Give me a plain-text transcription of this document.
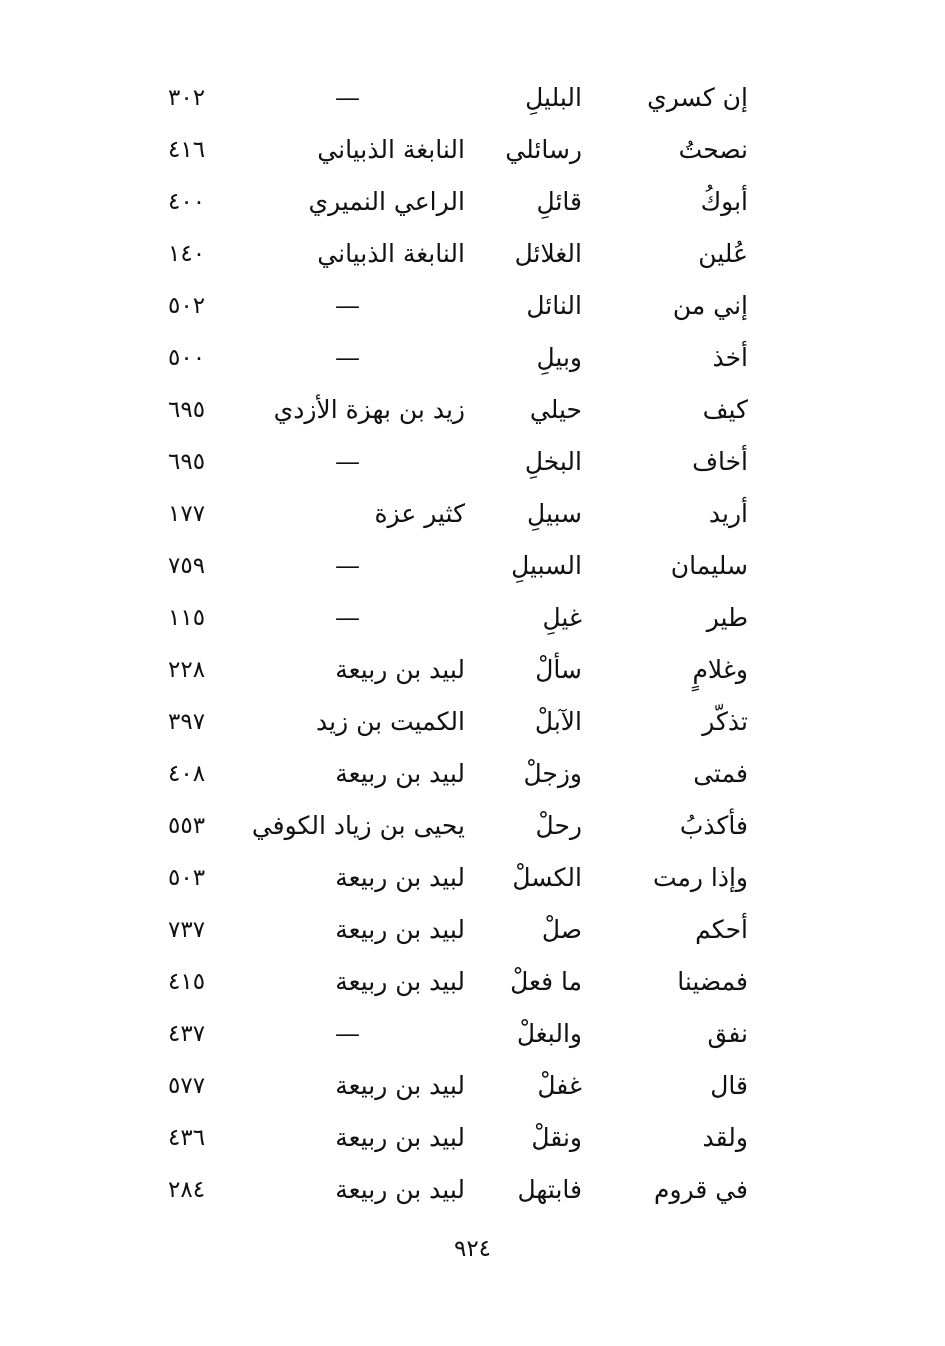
إن كسري
البليلِ
—
٣٠٢
نصحتُ
رسائلي
النابغة الذبياني
٤١٦
أبوكُ
قائلِ
الراعي النميري
٤٠٠
عُلين
الغلائل
النابغة الذبياني
١٤٠
إني من
النائل
—
٥٠٢
أخذ
وبيلِ
—
٥٠٠
كيف
حيلي
زيد بن بهزة الأزدي
٦٩٥
أخاف
البخلِ
—
٦٩٥
أريد
سبيلِ
كثير عزة
١٧٧
سليمان
السبيلِ
—
٧٥٩
طير
غيلِ
—
١١٥
وغلامٍ
سألْ
لبيد بن ربيعة
٢٢٨
تذكّر
الآبلْ
الكميت بن زيد
٣٩٧
فمتى
وزجلْ
لبيد بن ربيعة
٤٠٨
فأكذبُ
رحلْ
يحيى بن زياد الكوفي
٥٥٣
وإذا رمت
الكسلْ
لبيد بن ربيعة
٥٠٣
أحكم
صلْ
لبيد بن ربيعة
٧٣٧
فمضينا
ما فعلْ
لبيد بن ربيعة
٤١٥
نفق
والبغلْ
—
٤٣٧
قال
غفلْ
لبيد بن ربيعة
٥٧٧
ولقد
ونقلْ
لبيد بن ربيعة
٤٣٦
في قروم
فابتهل
لبيد بن ربيعة
٢٨٤
٩٢٤
